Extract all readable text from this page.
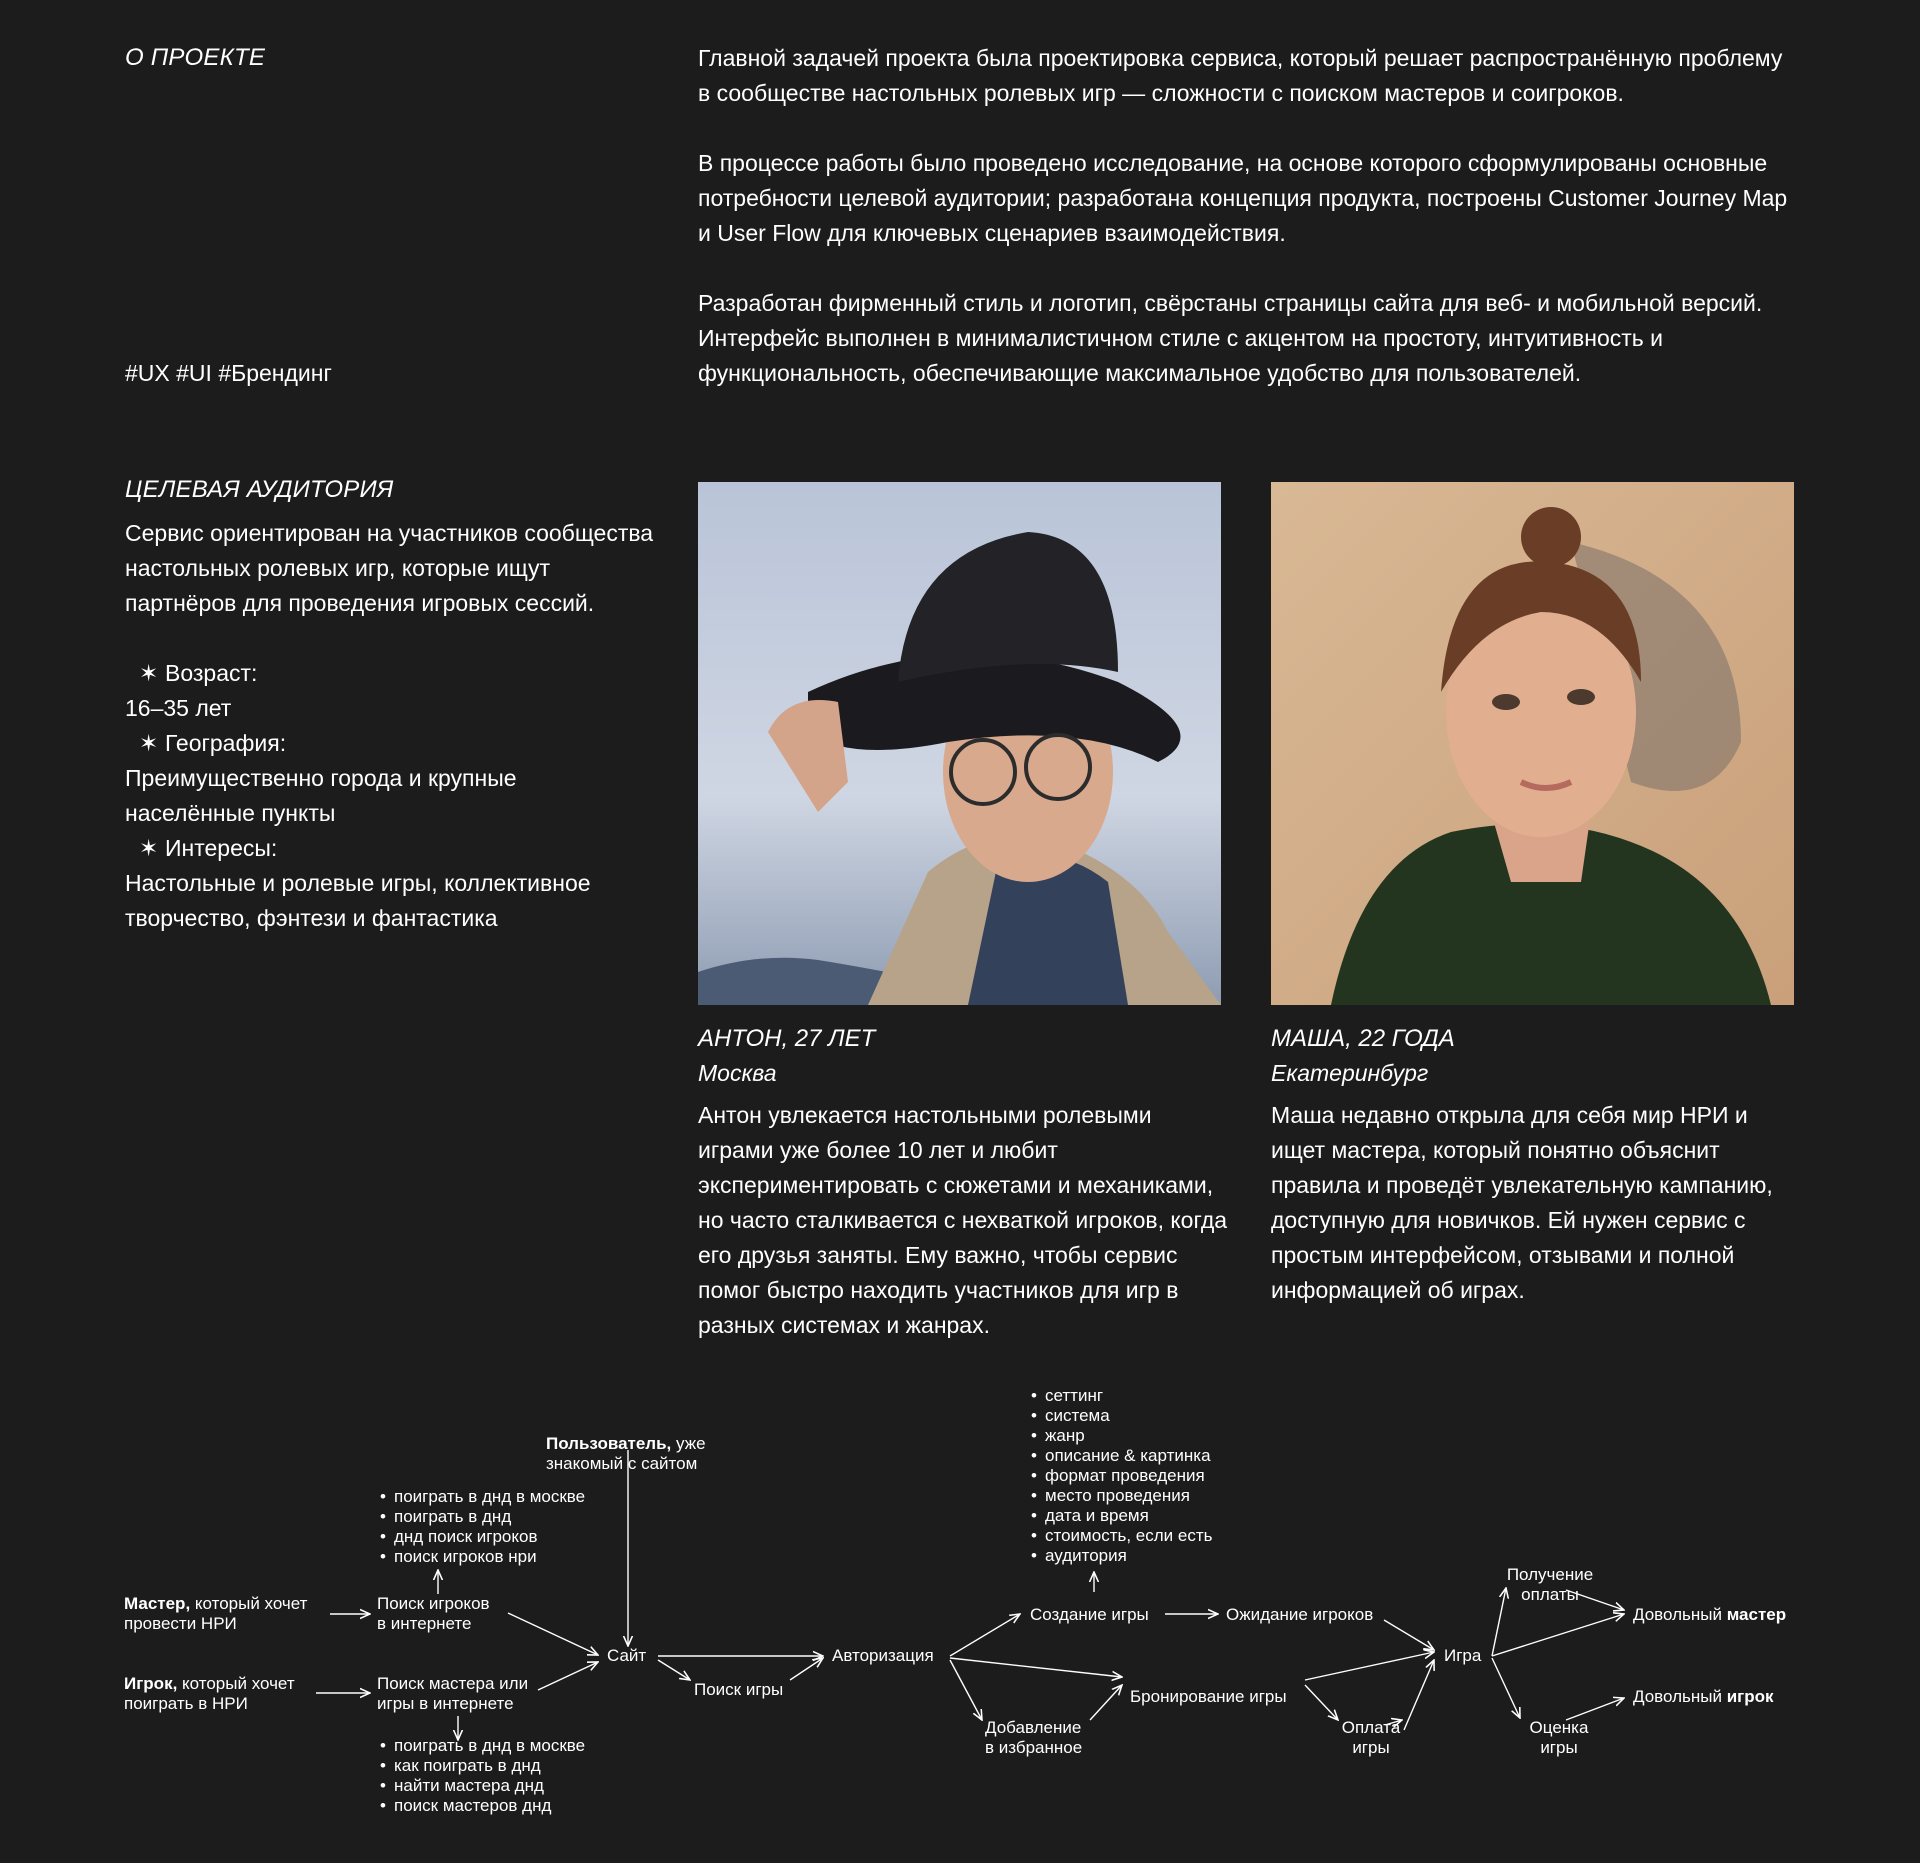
О ПРОЕКТЕ

#UX #UI #Брендинг

Главной задачей проекта была проектировка сервиса, который решает распространённую проблему в сообществе настольных ролевых игр — сложности с поиском мастеров и соигроков.

В процессе работы было проведено исследование, на основе которого сформулированы основные потребности целевой аудитории; разработана концепция продукта, построены Customer Journey Map и User Flow для ключевых сценариев взаимодействия.

Разработан фирменный стиль и логотип, свёрстаны страницы сайта для веб- и мобильной версий. Интерфейс выполнен в минималистичном стиле с акцентом на простоту, интуитивность и функциональность, обеспечивающие максимальное удобство для пользователей.

ЦЕЛЕВАЯ АУДИТОРИЯ

Сервис ориентирован на участников сообщества настольных ролевых игр, которые ищут партнёров для проведения игровых сессий.

✶ Возраст:
16–35 лет
✶ География:
Преимущественно города и крупные населённые пункты
✶ Интересы:
Настольные и ролевые игры, коллективное творчество, фэнтези и фантастика

АНТОН, 27 ЛЕТ

Москва

Антон увлекается настольными ролевыми играми уже более 10 лет и любит экспериментировать с сюжетами и механиками, но часто сталкивается с нехваткой игроков, когда его друзья заняты. Ему важно, чтобы сервис помог быстро находить участников для игр в разных системах и жанрах.

МАША, 22 ГОДА

Екатеринбург

Маша недавно открыла для себя мир НРИ и ищет мастера, который понятно объяснит правила и проведёт увлекательную кампанию, доступную для новичков. Ей нужен сервис с простым интерфейсом, отзывами и полной информацией об играх.

Пользователь, уже
знакомый с сайтом
• поиграть в днд в москве
• поиграть в днд
• днд поиск игроков
• поиск игроков нри
Мастер, который хочет
провести НРИ
Поиск игроков
в интернете
Игрок, который хочет
поиграть в НРИ
Поиск мастера или
игры в интернете
• поиграть в днд в москве
• как поиграть в днд
• найти мастера днд
• поиск мастеров днд
Сайт
Поиск игры
Авторизация
• сеттинг
• система
• жанр
• описание & картинка
• формат проведения
• место проведения
• дата и время
• стоимость, если есть
• аудитория
Создание игры	Ожидание игроков
Бронирование игры
Добавление
в избранное
Оплата
игры
Игра
Получение
оплаты
Оценка
игры
Довольный мастер
Довольный игрок
